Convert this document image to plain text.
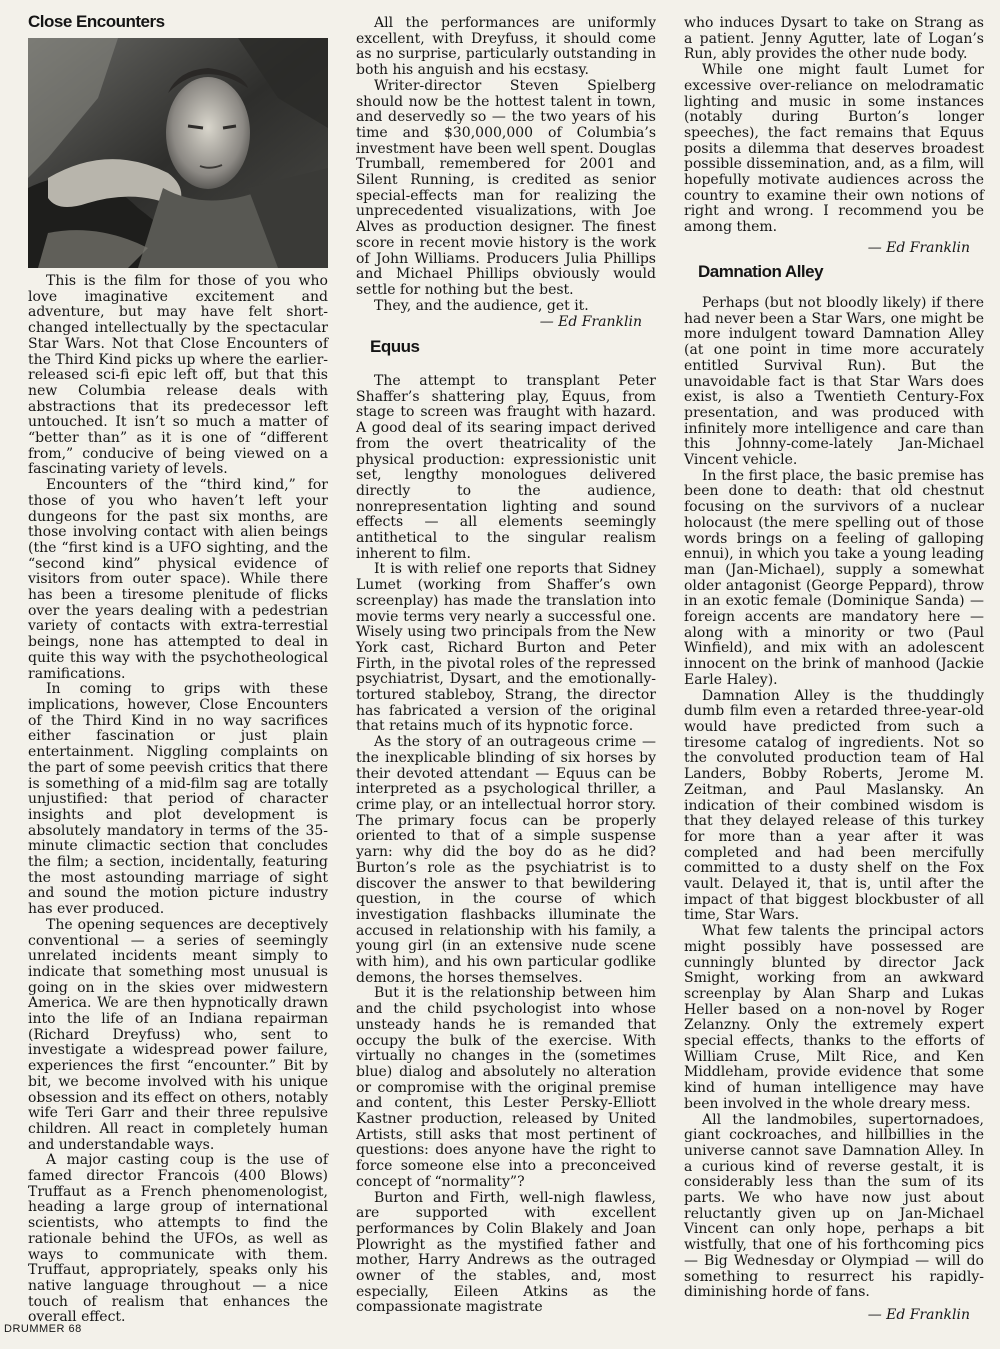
Close Encounters

This is the film for those of you who love imaginative excitement and adventure, but may have felt short-changed intellectually by the spectacular Star Wars. Not that Close Encounters of the Third Kind picks up where the earlier-released sci-fi epic left off, but that this new Columbia release deals with abstractions that its predecessor left untouched. It isn’t so much a matter of “better than” as it is one of “different from,” conducive of being viewed on a fascinating variety of levels.

Encounters of the “third kind,” for those of you who haven’t left your dungeons for the past six months, are those involving contact with alien beings (the “first kind is a UFO sighting, and the “second kind” physical evidence of visitors from outer space). While there has been a tiresome plenitude of flicks over the years dealing with a pedestrian variety of contacts with extra-terrestial beings, none has attempted to deal in quite this way with the psychotheological ramifications.

In coming to grips with these implications, however, Close Encounters of the Third Kind in no way sacrifices either fascination or just plain entertainment. Niggling complaints on the part of some peevish critics that there is something of a mid-film sag are totally unjustified: that period of character insights and plot development is absolutely mandatory in terms of the 35-minute climactic section that concludes the film; a section, incidentally, featuring the most astounding marriage of sight and sound the motion picture industry has ever produced.

The opening sequences are deceptively conventional — a series of seemingly unrelated incidents meant simply to indicate that something most unusual is going on in the skies over midwestern America. We are then hypnotically drawn into the life of an Indiana repairman (Richard Dreyfuss) who, sent to investigate a widespread power failure, experiences the first “encounter.” Bit by bit, we become involved with his unique obsession and its effect on others, notably wife Teri Garr and their three repulsive children. All react in completely human and understandable ways.

A major casting coup is the use of famed director Francois (400 Blows) Truffaut as a French phenomenologist, heading a large group of international scientists, who attempts to find the rationale behind the UFOs, as well as ways to communicate with them. Truffaut, appropriately, speaks only his native language throughout — a nice touch of realism that enhances the overall effect.

All the performances are uniformly excellent, with Dreyfuss, it should come as no surprise, particularly outstanding in both his anguish and his ecstasy.

Writer-director Steven Spielberg should now be the hottest talent in town, and deservedly so — the two years of his time and $30,000,000 of Columbia’s investment have been well spent. Douglas Trumball, remembered for 2001 and Silent Running, is credited as senior special-effects man for realizing the unprecedented visualizations, with Joe Alves as production designer. The finest score in recent movie history is the work of John Williams. Producers Julia Phillips and Michael Phillips obviously would settle for nothing but the best.

They, and the audience, get it.

— Ed Franklin

Equus

The attempt to transplant Peter Shaffer’s shattering play, Equus, from stage to screen was fraught with hazard. A good deal of its searing impact derived from the overt theatricality of the physical production: expressionistic unit set, lengthy monologues delivered directly to the audience, nonrepresentation lighting and sound effects — all elements seemingly antithetical to the singular realism inherent to film.

It is with relief one reports that Sidney Lumet (working from Shaffer’s own screenplay) has made the translation into movie terms very nearly a successful one. Wisely using two principals from the New York cast, Richard Burton and Peter Firth, in the pivotal roles of the repressed psychiatrist, Dysart, and the emotionally-tortured stableboy, Strang, the director has fabricated a version of the original that retains much of its hypnotic force.

As the story of an outrageous crime — the inexplicable blinding of six horses by their devoted attendant — Equus can be interpreted as a psychological thriller, a crime play, or an intellectual horror story. The primary focus can be properly oriented to that of a simple suspense yarn: why did the boy do as he did? Burton’s role as the psychiatrist is to discover the answer to that bewildering question, in the course of which investigation flashbacks illuminate the accused in relationship with his family, a young girl (in an extensive nude scene with him), and his own particular godlike demons, the horses themselves.

But it is the relationship between him and the child psychologist into whose unsteady hands he is remanded that occupy the bulk of the exercise. With virtually no changes in the (sometimes blue) dialog and absolutely no alteration or compromise with the original premise and content, this Lester Persky-Elliott Kastner production, released by United Artists, still asks that most pertinent of questions: does anyone have the right to force someone else into a preconceived concept of “normality”?

Burton and Firth, well-nigh flawless, are supported with excellent performances by Colin Blakely and Joan Plowright as the mystified father and mother, Harry Andrews as the outraged owner of the stables, and, most especially, Eileen Atkins as the compassionate magistrate

who induces Dysart to take on Strang as a patient. Jenny Agutter, late of Logan’s Run, ably provides the other nude body.

While one might fault Lumet for excessive over-reliance on melodramatic lighting and music in some instances (notably during Burton’s longer speeches), the fact remains that Equus posits a dilemma that deserves broadest possible dissemination, and, as a film, will hopefully motivate audiences across the country to examine their own notions of right and wrong. I recommend you be among them.

— Ed Franklin

Damnation Alley

Perhaps (but not bloodly likely) if there had never been a Star Wars, one might be more indulgent toward Damnation Alley (at one point in time more accurately entitled Survival Run). But the unavoidable fact is that Star Wars does exist, is also a Twentieth Century-Fox presentation, and was produced with infinitely more intelligence and care than this Johnny-come-lately Jan-Michael Vincent vehicle.

In the first place, the basic premise has been done to death: that old chestnut focusing on the survivors of a nuclear holocaust (the mere spelling out of those words brings on a feeling of galloping ennui), in which you take a young leading man (Jan-Michael), supply a somewhat older antagonist (George Peppard), throw in an exotic female (Dominique Sanda) — foreign accents are mandatory here — along with a minority or two (Paul Winfield), and mix with an adolescent innocent on the brink of manhood (Jackie Earle Haley).

Damnation Alley is the thuddingly dumb film even a retarded three-year-old would have predicted from such a tiresome catalog of ingredients. Not so the convoluted production team of Hal Landers, Bobby Roberts, Jerome M. Zeitman, and Paul Maslansky. An indication of their combined wisdom is that they delayed release of this turkey for more than a year after it was completed and had been mercifully committed to a dusty shelf on the Fox vault. Delayed it, that is, until after the impact of that biggest blockbuster of all time, Star Wars.

What few talents the principal actors might possibly have possessed are cunningly blunted by director Jack Smight, working from an awkward screenplay by Alan Sharp and Lukas Heller based on a non-novel by Roger Zelanzny. Only the extremely expert special effects, thanks to the efforts of William Cruse, Milt Rice, and Ken Middleham, provide evidence that some kind of human intelligence may have been involved in the whole dreary mess.

All the landmobiles, supertornadoes, giant cockroaches, and hillbillies in the universe cannot save Damnation Alley. In a curious kind of reverse gestalt, it is considerably less than the sum of its parts. We who have now just about reluctantly given up on Jan-Michael Vincent can only hope, perhaps a bit wistfully, that one of his forthcoming pics — Big Wednesday or Olympiad — will do something to resurrect his rapidly-diminishing horde of fans.

— Ed Franklin

DRUMMER 68
